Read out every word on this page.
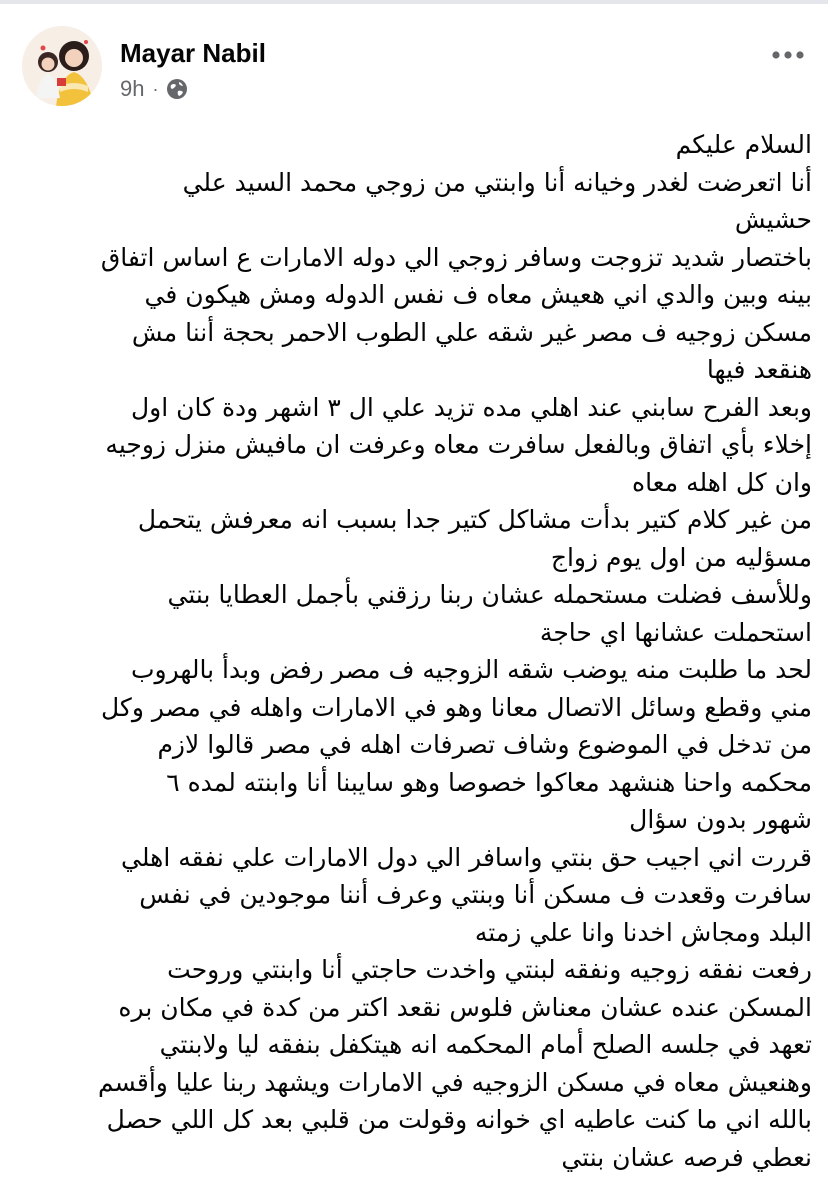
Mayar Nabil
9h ·
السلام عليكم
أنا اتعرضت لغدر وخيانه أنا وابنتي من زوجي محمد السيد علي
حشيش
باختصار شديد تزوجت وسافر زوجي الي دوله الامارات ع اساس اتفاق
بينه وبين والدي اني هعيش معاه ف نفس الدوله ومش هيكون في
مسكن زوجيه ف مصر غير شقه علي الطوب الاحمر بحجة أننا مش
هنقعد فيها
وبعد الفرح سابني عند اهلي مده تزيد علي ال ٣ اشهر ودة كان اول
إخلاء بأي اتفاق وبالفعل سافرت معاه وعرفت ان مافيش منزل زوجيه
وان كل اهله معاه
من غير كلام كتير بدأت مشاكل كتير جدا بسبب انه معرفش يتحمل
مسؤليه من اول يوم زواج
وللأسف فضلت مستحمله عشان ربنا رزقني بأجمل العطايا بنتي
استحملت عشانها اي حاجة
لحد ما طلبت منه يوضب شقه الزوجيه ف مصر رفض وبدأ بالهروب
مني وقطع وسائل الاتصال معانا وهو في الامارات واهله في مصر وكل
من تدخل في الموضوع وشاف تصرفات اهله في مصر قالوا لازم
محكمه واحنا هنشهد معاكوا خصوصا وهو سايبنا أنا وابنته لمده ٦
شهور بدون سؤال
قررت اني اجيب حق بنتي واسافر الي دول الامارات علي نفقه اهلي
سافرت وقعدت ف مسكن أنا وبنتي وعرف أننا موجودين في نفس
البلد ومجاش اخدنا وانا علي زمته
رفعت نفقه زوجيه ونفقه لبنتي واخدت حاجتي أنا وابنتي وروحت
المسكن عنده عشان معناش فلوس نقعد اكتر من كدة في مكان بره
تعهد في جلسه الصلح أمام المحكمه انه هيتكفل بنفقه ليا ولابنتي
وهنعيش معاه في مسكن الزوجيه في الامارات ويشهد ربنا عليا وأقسم
بالله اني ما كنت عاطيه اي خوانه وقولت من قلبي بعد كل اللي حصل
نعطي فرصه عشان بنتي
